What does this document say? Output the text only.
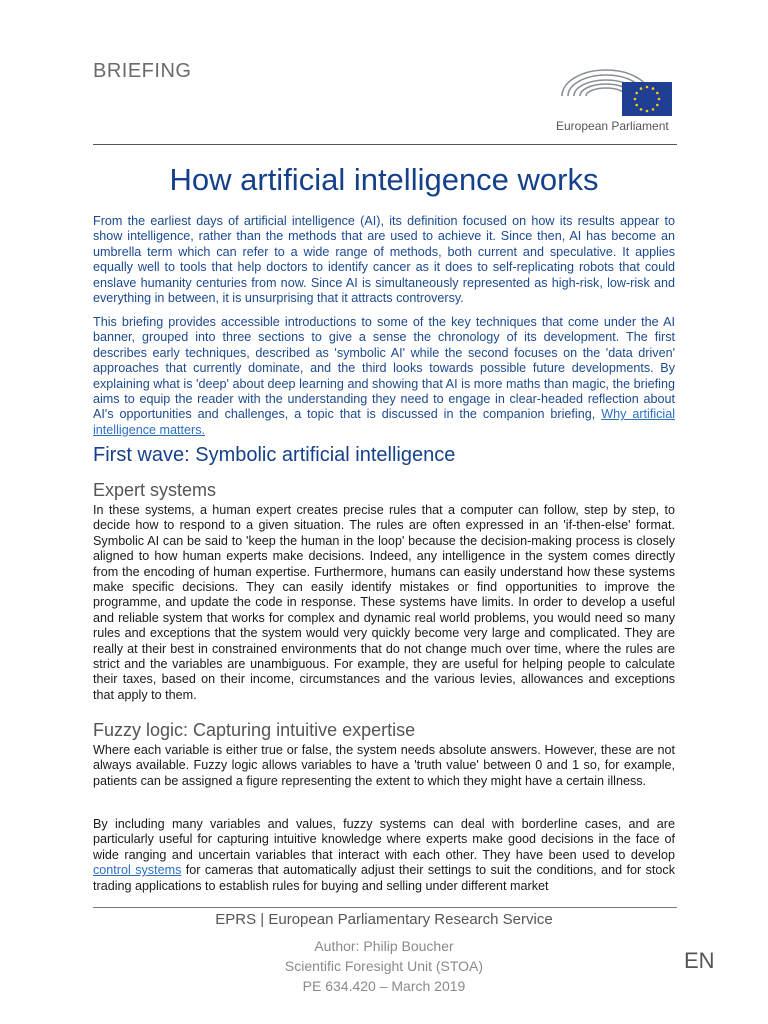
BRIEFING
European Parliament
How artificial intelligence works

From the earliest days of artificial intelligence (AI), its definition focused on how its results appear to show intelligence, rather than the methods that are used to achieve it. Since then, AI has become an umbrella term which can refer to a wide range of methods, both current and speculative. It applies equally well to tools that help doctors to identify cancer as it does to self-replicating robots that could enslave humanity centuries from now. Since AI is simultaneously represented as high-risk, low-risk and everything in between, it is unsurprising that it attracts controversy.

This briefing provides accessible introductions to some of the key techniques that come under the AI banner, grouped into three sections to give a sense the chronology of its development. The first describes early techniques, described as 'symbolic AI' while the second focuses on the 'data driven' approaches that currently dominate, and the third looks towards possible future developments. By explaining what is 'deep' about deep learning and showing that AI is more maths than magic, the briefing aims to equip the reader with the understanding they need to engage in clear-headed reflection about AI's opportunities and challenges, a topic that is discussed in the companion briefing, Why artificial intelligence matters.

First wave: Symbolic artificial intelligence
Expert systems

In these systems, a human expert creates precise rules that a computer can follow, step by step, to decide how to respond to a given situation. The rules are often expressed in an 'if-then-else' format. Symbolic AI can be said to 'keep the human in the loop' because the decision-making process is closely aligned to how human experts make decisions. Indeed, any intelligence in the system comes directly from the encoding of human expertise. Furthermore, humans can easily understand how these systems make specific decisions. They can easily identify mistakes or find opportunities to improve the programme, and update the code in response. These systems have limits. In order to develop a useful and reliable system that works for complex and dynamic real world problems, you would need so many rules and exceptions that the system would very quickly become very large and complicated. They are really at their best in constrained environments that do not change much over time, where the rules are strict and the variables are unambiguous. For example, they are useful for helping people to calculate their taxes, based on their income, circumstances and the various levies, allowances and exceptions that apply to them.

Fuzzy logic: Capturing intuitive expertise

Where each variable is either true or false, the system needs absolute answers. However, these are not always available. Fuzzy logic allows variables to have a 'truth value' between 0 and 1 so, for example, patients can be assigned a figure representing the extent to which they might have a certain illness.

By including many variables and values, fuzzy systems can deal with borderline cases, and are particularly useful for capturing intuitive knowledge where experts make good decisions in the face of wide ranging and uncertain variables that interact with each other. They have been used to develop control systems for cameras that automatically adjust their settings to suit the conditions, and for stock trading applications to establish rules for buying and selling under different market

EPRS | European Parliamentary Research Service
Author: Philip Boucher
Scientific Foresight Unit (STOA)
PE 634.420 – March 2019
EN
